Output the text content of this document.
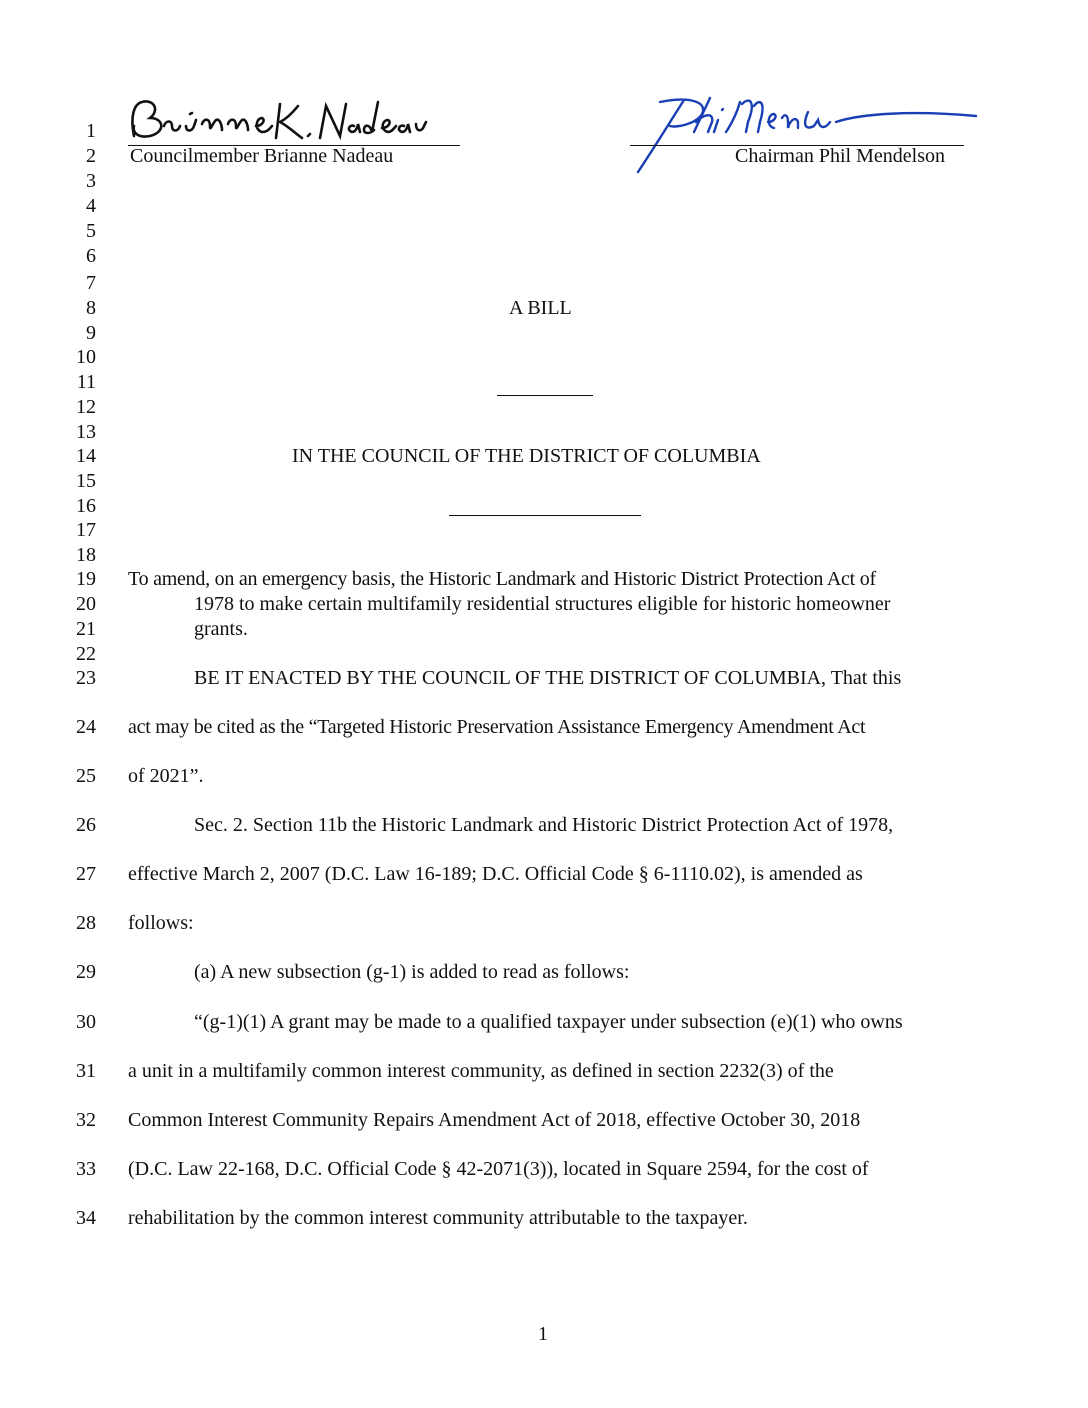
1
2
3
4
5
6
7
8
9
10
11
12
13
14
15
16
17
18
19
20
21
22
23
24
25
26
27
28
29
30
31
32
33
34
Councilmember Brianne Nadeau	Chairman Phil Mendelson
A BILL
IN THE COUNCIL OF THE DISTRICT OF COLUMBIA
To amend, on an emergency basis, the Historic Landmark and Historic District Protection Act of
1978 to make certain multifamily residential structures eligible for historic homeowner
grants.
BE IT ENACTED BY THE COUNCIL OF THE DISTRICT OF COLUMBIA, That this
act may be cited as the “Targeted Historic Preservation Assistance Emergency Amendment Act
of 2021”.
Sec. 2. Section 11b the Historic Landmark and Historic District Protection Act of 1978,
effective March 2, 2007 (D.C. Law 16-189; D.C. Official Code § 6-1110.02), is amended as
follows:
(a) A new subsection (g-1) is added to read as follows:
“(g-1)(1) A grant may be made to a qualified taxpayer under subsection (e)(1) who owns
a unit in a multifamily common interest community, as defined in section 2232(3) of the
Common Interest Community Repairs Amendment Act of 2018, effective October 30, 2018
(D.C. Law 22-168, D.C. Official Code § 42-2071(3)), located in Square 2594, for the cost of
rehabilitation by the common interest community attributable to the taxpayer.
1
